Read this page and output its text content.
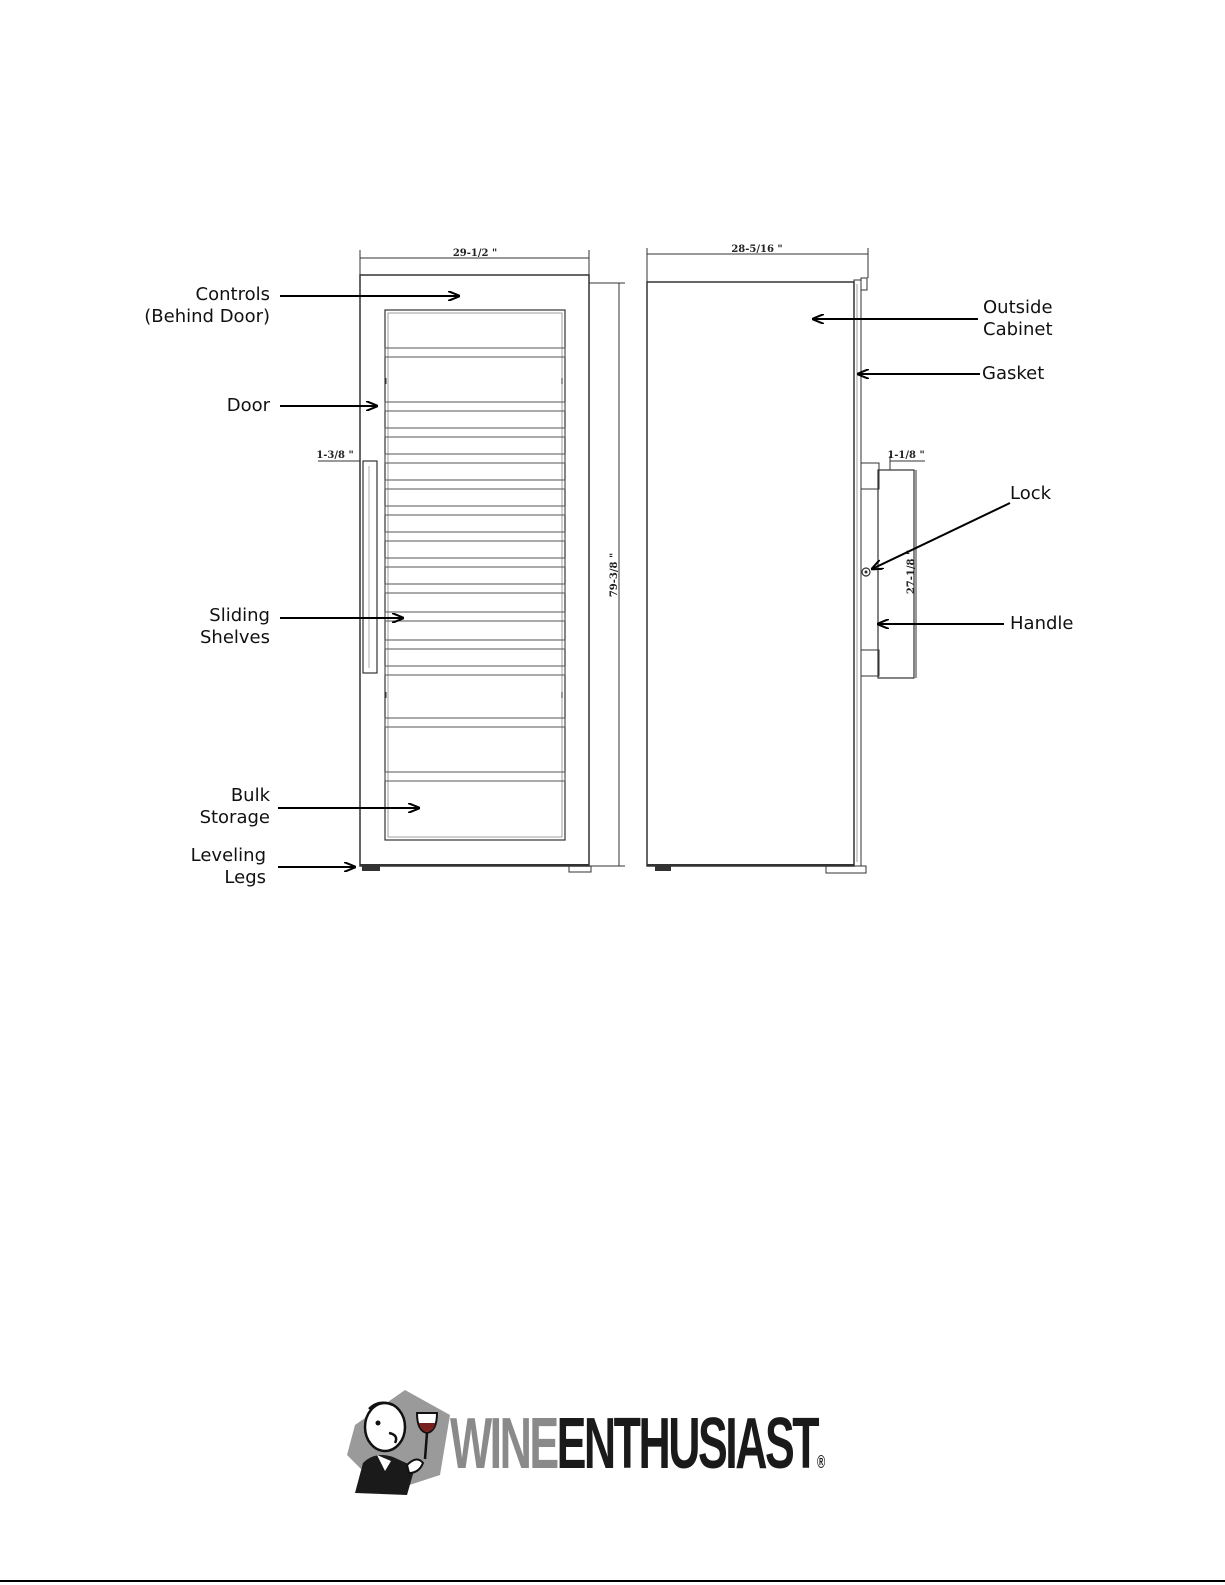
29-1/2 "
1-3/8 "
79-3/8 "
28-5/16 "
1-1/8 "
27-1/8 "
Controls
(Behind Door)
Door
Sliding
Shelves
Bulk
Storage
Leveling
Legs
Outside
Cabinet
Gasket
Lock
Handle
WINEENTHUSIAST®
